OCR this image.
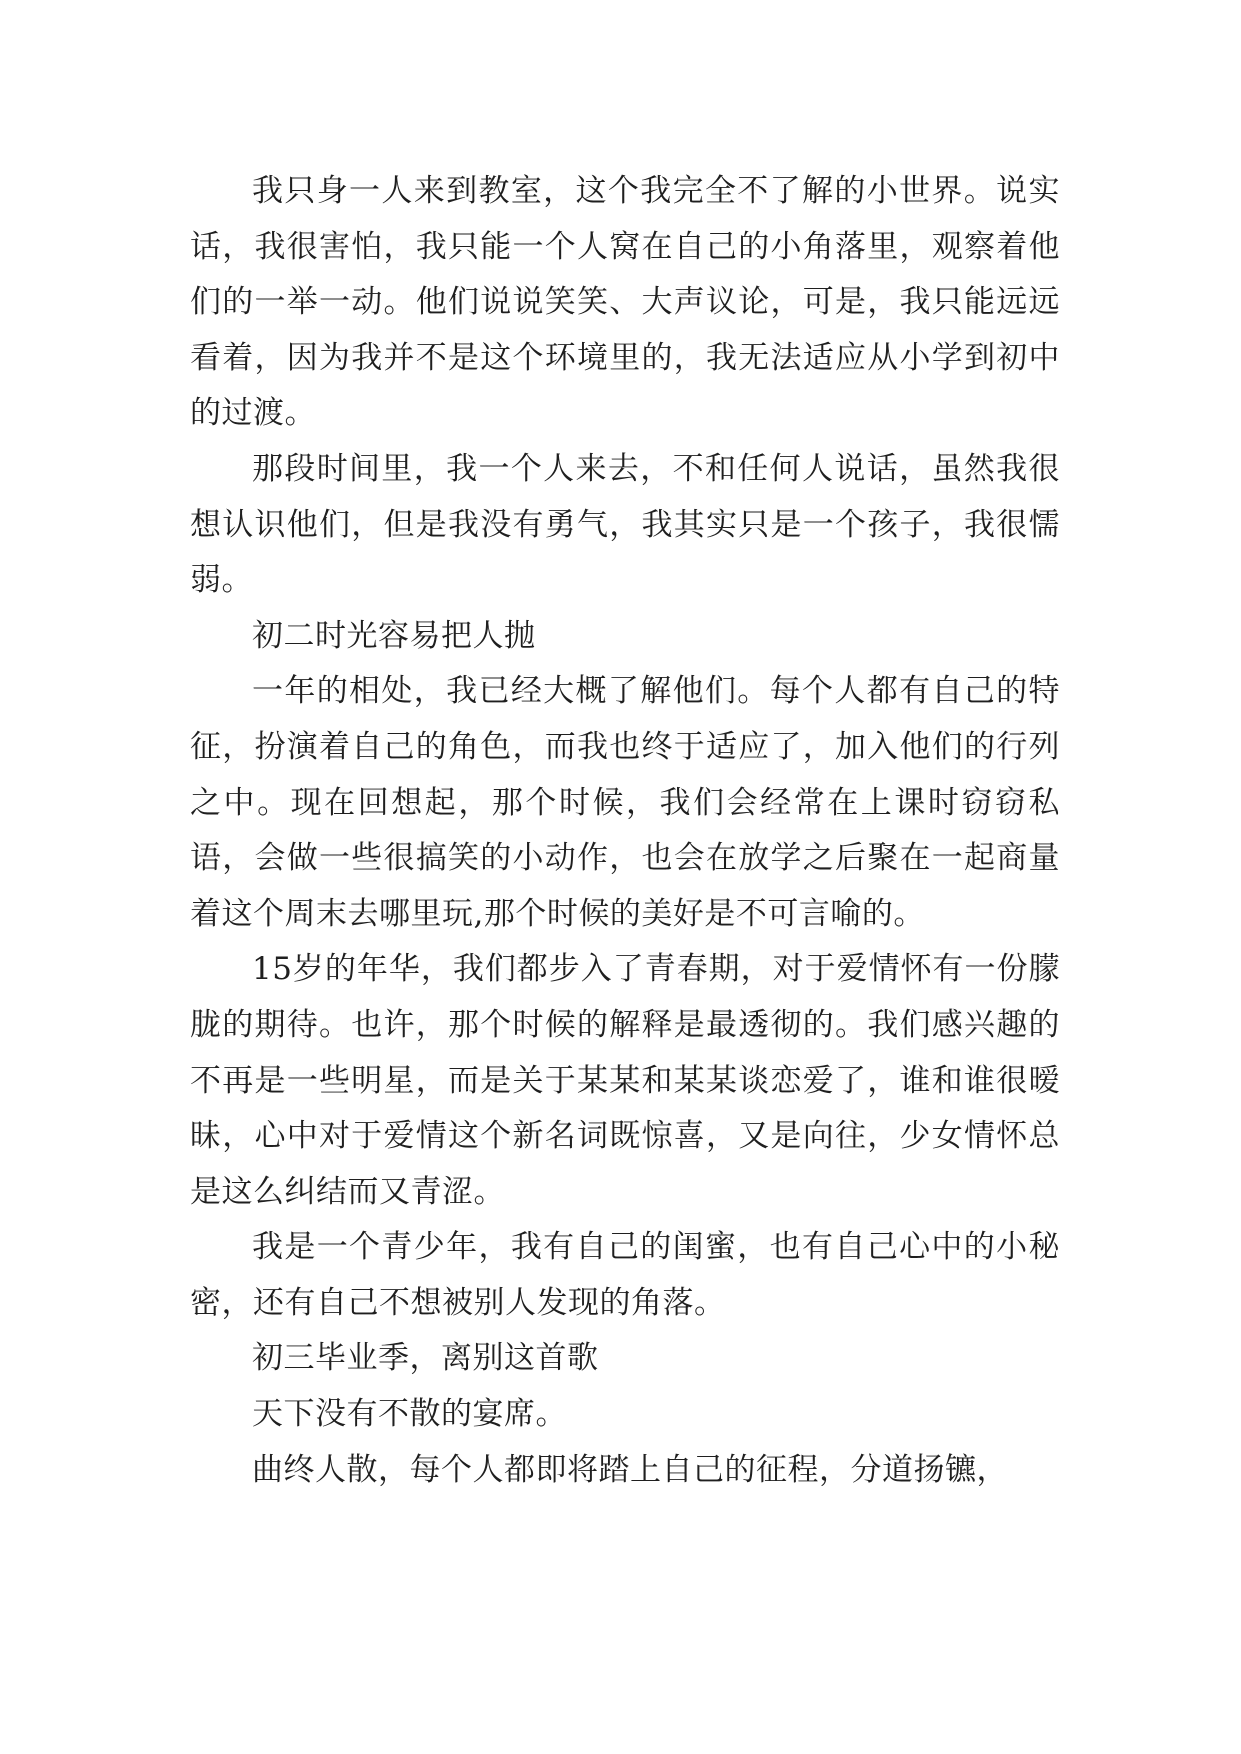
我只身一人来到教室，这个我完全不了解的小世界。说实话，我很害怕，我只能一个人窝在自己的小角落里，观察着他们的一举一动。他们说说笑笑、大声议论，可是，我只能远远看着，因为我并不是这个环境里的，我无法适应从小学到初中的过渡。

那段时间里，我一个人来去，不和任何人说话，虽然我很想认识他们，但是我没有勇气，我其实只是一个孩子，我很懦弱。

初二时光容易把人抛

一年的相处，我已经大概了解他们。每个人都有自己的特征，扮演着自己的角色，而我也终于适应了，加入他们的行列之中。现在回想起，那个时候，我们会经常在上课时窃窃私语，会做一些很搞笑的小动作，也会在放学之后聚在一起商量着这个周末去哪里玩,那个时候的美好是不可言喻的。

15岁的年华，我们都步入了青春期，对于爱情怀有一份朦胧的期待。也许，那个时候的解释是最透彻的。我们感兴趣的不再是一些明星，而是关于某某和某某谈恋爱了，谁和谁很暧昧，心中对于爱情这个新名词既惊喜，又是向往，少女情怀总是这么纠结而又青涩。

我是一个青少年，我有自己的闺蜜，也有自己心中的小秘密，还有自己不想被别人发现的角落。

初三毕业季，离别这首歌

天下没有不散的宴席。

曲终人散，每个人都即将踏上自己的征程，分道扬镳，
